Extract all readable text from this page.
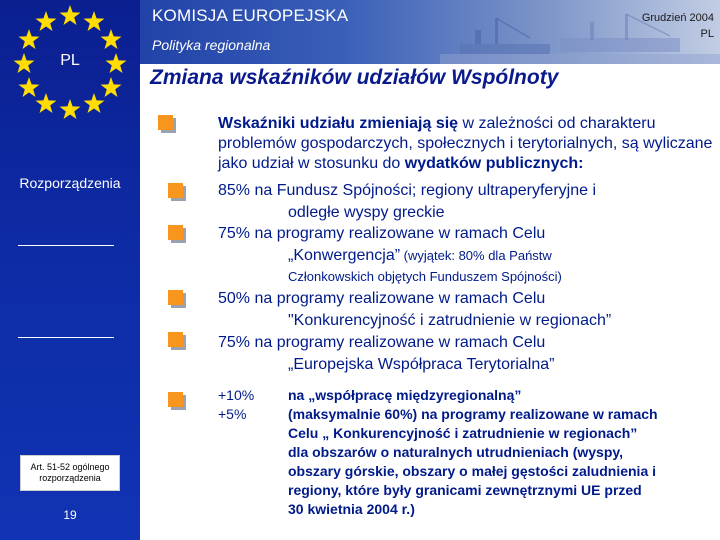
PL
Rozporządzenia
Art. 51-52 ogólnego rozporządzenia
19
KOMISJA EUROPEJSKA
Polityka regionalna
Grudzień 2004
PL
Zmiana wskaźników udziałów Wspólnoty
Wskaźniki udziału zmieniają się w zależności od charakteru problemów gospodarczych, społecznych i terytorialnych, są wyliczane jako udział w stosunku do wydatków publicznych:
85% na Fundusz Spójności; regiony ultraperyferyjne i
odległe wyspy greckie
75% na programy realizowane w ramach Celu
„Konwergencja” (wyjątek: 80% dla Państw
Członkowskich objętych Funduszem Spójności)
50% na programy realizowane w ramach Celu
"Konkurencyjność i zatrudnienie w regionach”
75% na programy realizowane w ramach Celu
„Europejska Współpraca Terytorialna”
+10%
+5%
na „współpracę międzyregionalną”
(maksymalnie 60%) na programy realizowane w ramach
Celu „ Konkurencyjność i zatrudnienie w regionach”
dla obszarów o naturalnych utrudnieniach (wyspy,
obszary górskie, obszary o małej gęstości zaludnienia i
regiony, które były granicami zewnętrznymi UE przed
30 kwietnia 2004 r.)
